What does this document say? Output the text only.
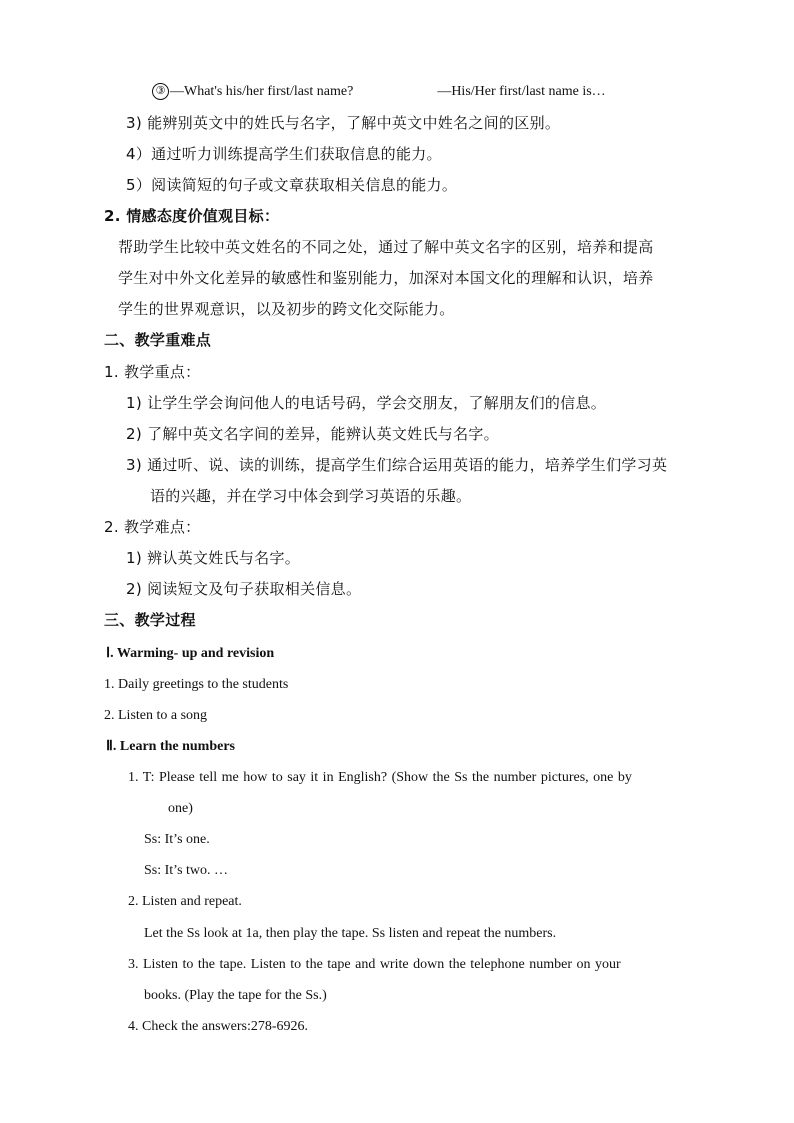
③ —What's his/her first/last name?	—His/Her first/last name is…
3) 能辨别英文中的姓氏与名字，了解中英文中姓名之间的区别。
4）通过听力训练提高学生们获取信息的能力。
5）阅读简短的句子或文章获取相关信息的能力。
2. 情感态度价值观目标：
帮助学生比较中英文姓名的不同之处，通过了解中英文名字的区别，培养和提高
学生对中外文化差异的敏感性和鉴别能力，加深对本国文化的理解和认识，培养
学生的世界观意识，以及初步的跨文化交际能力。
二、教学重难点
1. 教学重点：
1) 让学生学会询问他人的电话号码，学会交朋友，了解朋友们的信息。
2) 了解中英文名字间的差异，能辨认英文姓氏与名字。
3) 通过听、说、读的训练，提高学生们综合运用英语的能力，培养学生们学习英
语的兴趣，并在学习中体会到学习英语的乐趣。
2. 教学难点：
1) 辨认英文姓氏与名字。
2) 阅读短文及句子获取相关信息。
三、教学过程
Ⅰ. Warming- up and revision
1. Daily greetings to the students
2. Listen to a song
Ⅱ. Learn the numbers
1. T: Please tell me how to say it in English? (Show the Ss the number pictures, one by
one)
Ss: It’s one.
Ss: It’s two. …
2. Listen and repeat.
Let the Ss look at 1a, then play the tape. Ss listen and repeat the numbers.
3. Listen to the tape. Listen to the tape and write down the telephone number on your
books. (Play the tape for the Ss.)
4. Check the answers:278-6926.
